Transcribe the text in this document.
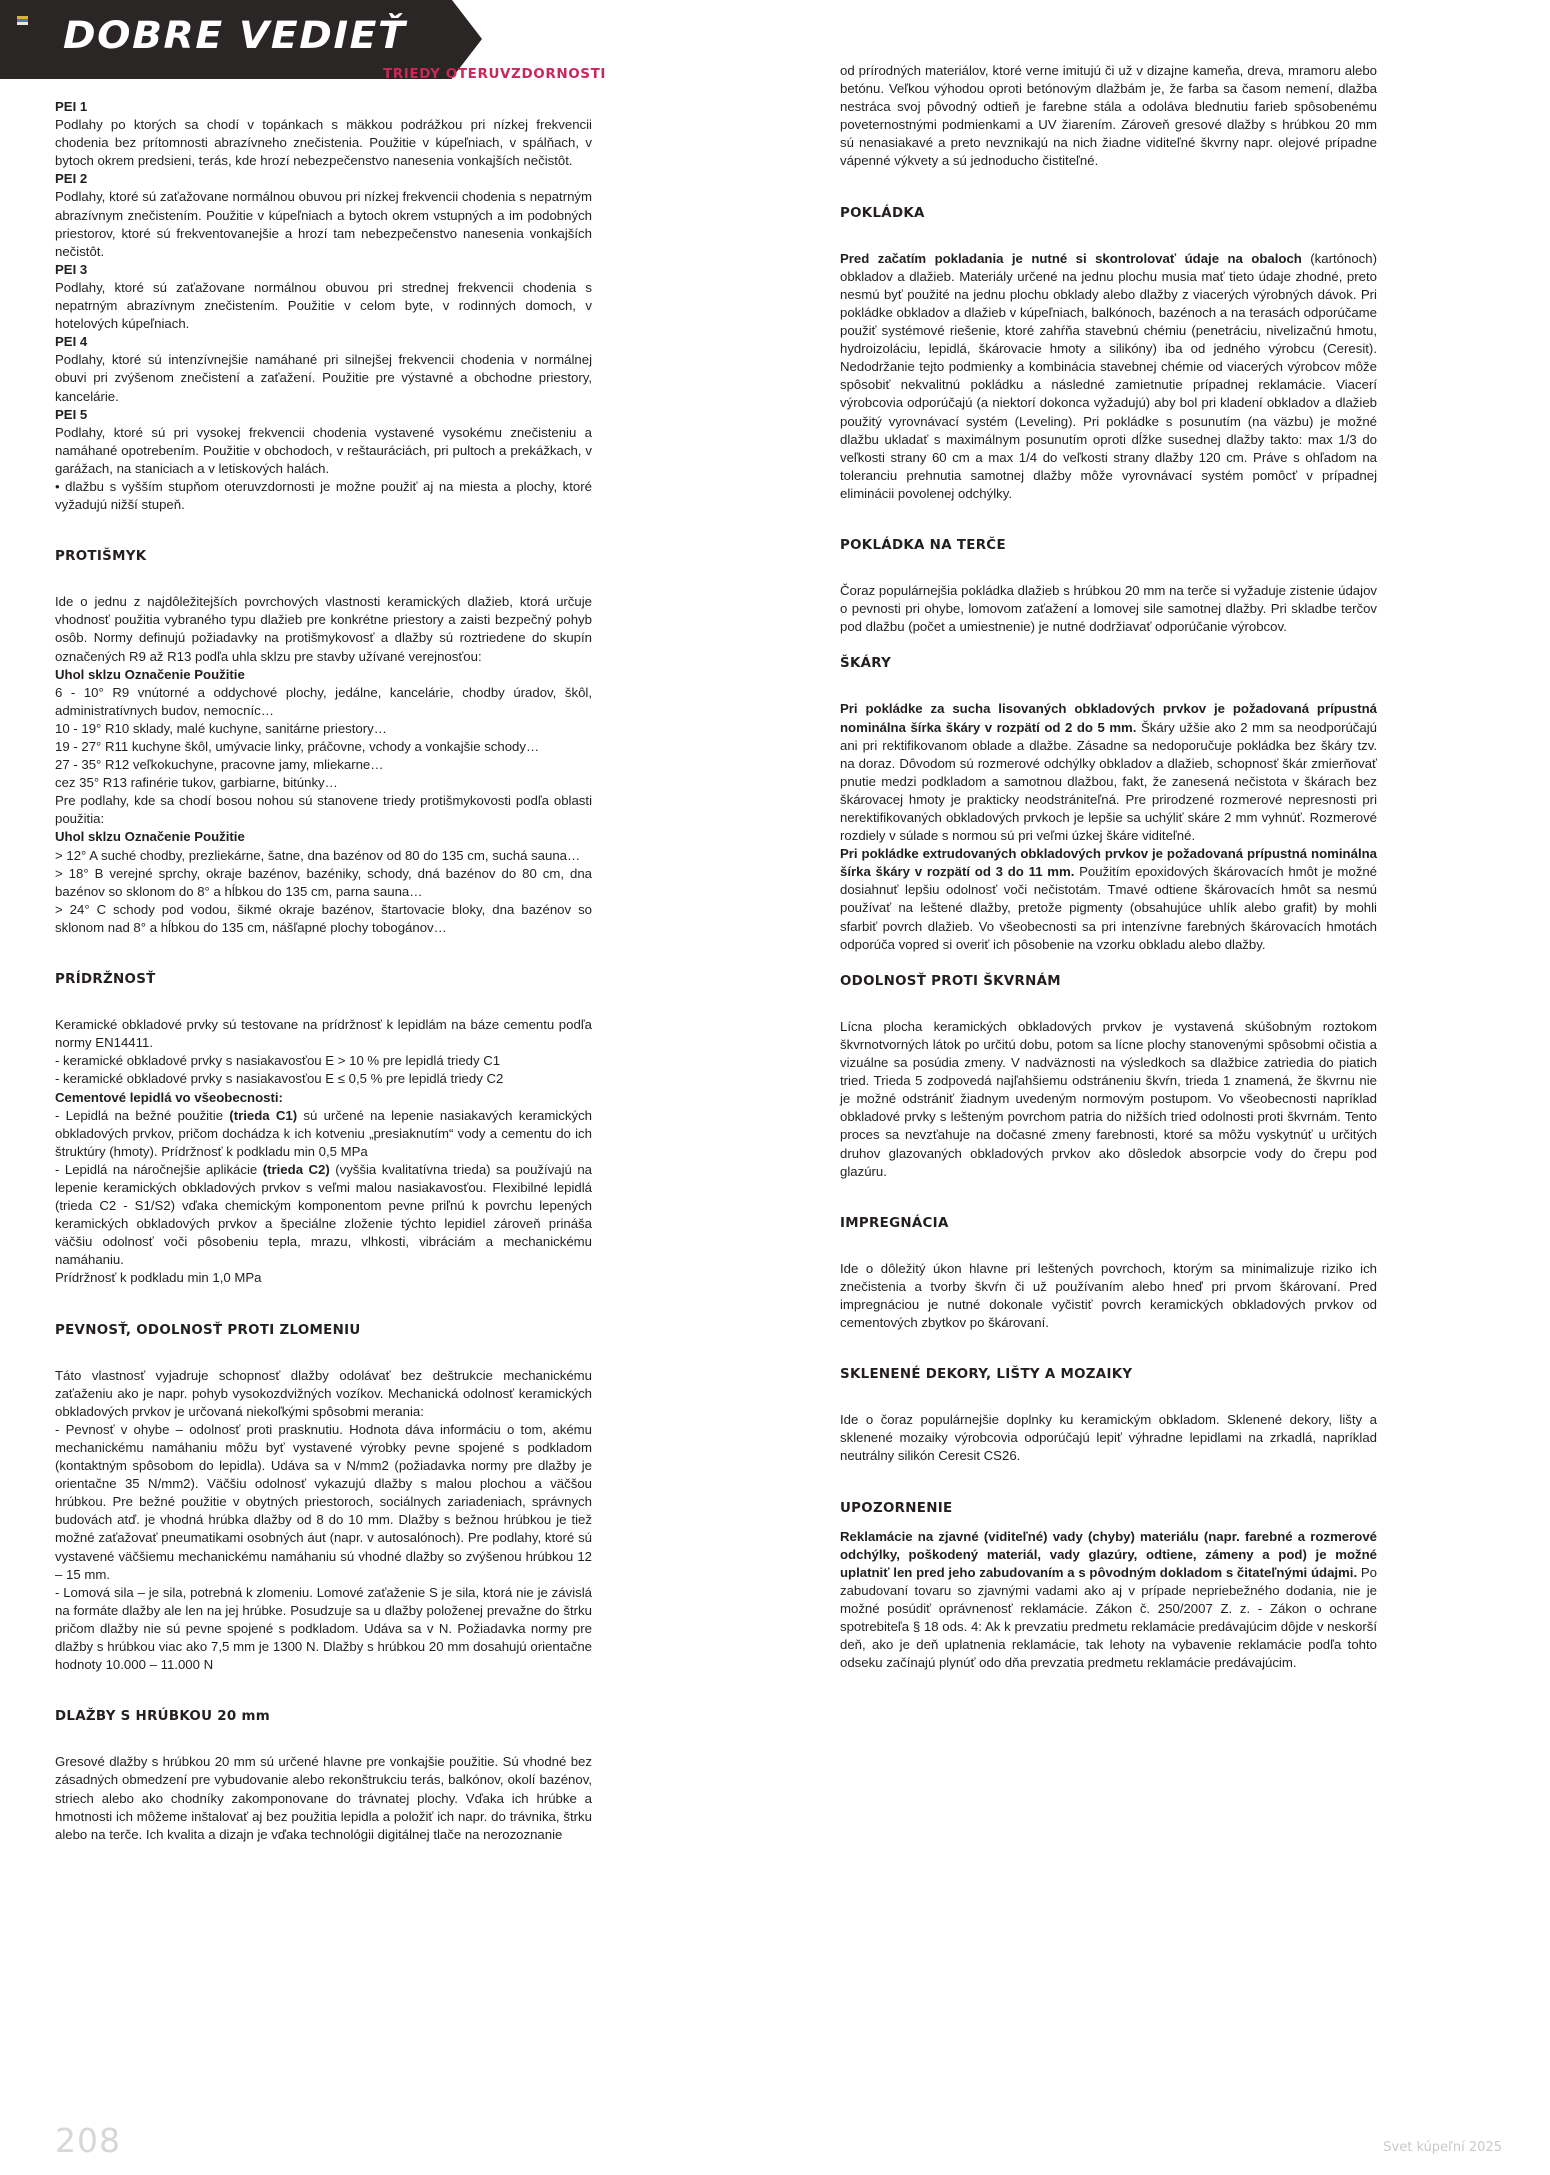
DOBRE VEDIEŤ
TRIEDY OTERUVZDORNOSTI

PEI 1

Podlahy po ktorých sa chodí v topánkach s mäkkou podrážkou pri nízkej frekvencii chodenia bez prítomnosti abrazívneho znečistenia. Použitie v kúpeľniach, v spálňach, v bytoch okrem predsieni, terás, kde hrozí nebezpečenstvo nanesenia vonkajších nečistôt.

PEI 2

Podlahy, ktoré sú zaťažovane normálnou obuvou pri nízkej frekvencii chodenia s nepatrným abrazívnym znečistením. Použitie v kúpeľniach a bytoch okrem vstupných a im podobných priestorov, ktoré sú frekventovanejšie a hrozí tam nebezpečenstvo nanesenia vonkajších nečistôt.

PEI 3

Podlahy, ktoré sú zaťažovane normálnou obuvou pri strednej frekvencii chodenia s nepatrným abrazívnym znečistením. Použitie v celom byte, v rodinných domoch, v hotelových kúpeľniach.

PEI 4

Podlahy, ktoré sú intenzívnejšie namáhané pri silnejšej frekvencii chodenia v normálnej obuvi pri zvýšenom znečistení a zaťažení. Použitie pre výstavné a obchodne priestory, kancelárie.

PEI 5

Podlahy, ktoré sú pri vysokej frekvencii chodenia vystavené vysokému znečisteniu a namáhané opotrebením. Použitie v obchodoch, v reštauráciách, pri pultoch a prekážkach, v garážach, na staniciach a v letiskových halách.

• dlažbu s vyšším stupňom oteruvzdornosti je možne použiť aj na miesta a plochy, ktoré vyžadujú nižší stupeň.

PROTIŠMYK

Ide o jednu z najdôležitejších povrchových vlastnosti keramických dlažieb, ktorá určuje vhodnosť použitia vybraného typu dlažieb pre konkrétne priestory a zaisti bezpečný pohyb osôb. Normy definujú požiadavky na protišmykovosť a dlažby sú roztriedene do skupín označených R9 až R13 podľa uhla sklzu pre stavby užívané verejnosťou:

Uhol sklzu Označenie Použitie

6 - 10° R9 vnútorné a oddychové plochy, jedálne, kancelárie, chodby úradov, škôl, administratívnych budov, nemocníc…

10 - 19° R10 sklady, malé kuchyne, sanitárne priestory…

19 - 27° R11 kuchyne škôl, umývacie linky, práčovne, vchody a vonkajšie schody…

27 - 35° R12 veľkokuchyne, pracovne jamy, mliekarne…

cez 35° R13 rafinérie tukov, garbiarne, bitúnky…

Pre podlahy, kde sa chodí bosou nohou sú stanovene triedy protišmykovosti podľa oblasti použitia:

Uhol sklzu Označenie Použitie

> 12° A suché chodby, prezliekárne, šatne, dna bazénov od 80 do 135 cm, suchá sauna…

> 18° B verejné sprchy, okraje bazénov, bazéniky, schody, dná bazénov do 80 cm, dna bazénov so sklonom do 8° a hĺbkou do 135 cm, parna sauna…

> 24° C schody pod vodou, šikmé okraje bazénov, štartovacie bloky, dna bazénov so sklonom nad 8° a hĺbkou do 135 cm, nášľapné plochy tobogánov…

PRÍDRŽNOSŤ

Keramické obkladové prvky sú testovane na prídržnosť k lepidlám na báze cementu podľa normy EN14411.

- keramické obkladové prvky s nasiakavosťou E > 10 % pre lepidlá triedy C1

- keramické obkladové prvky s nasiakavosťou E ≤ 0,5 % pre lepidlá triedy C2

Cementové lepidlá vo všeobecnosti:

- Lepidlá na bežné použitie (trieda C1) sú určené na lepenie nasiakavých keramických obkladových prvkov, pričom dochádza k ich kotveniu „presiaknutím“ vody a cementu do ich štruktúry (hmoty). Prídržnosť k podkladu min 0,5 MPa

- Lepidlá na náročnejšie aplikácie (trieda C2) (vyššia kvalitatívna trieda) sa používajú na lepenie keramických obkladových prvkov s veľmi malou nasiakavosťou. Flexibilné lepidlá (trieda C2 - S1/S2) vďaka chemickým komponentom pevne priľnú k povrchu lepených keramických obkladových prvkov a špeciálne zloženie týchto lepidiel zároveň prináša väčšiu odolnosť voči pôsobeniu tepla, mrazu, vlhkosti, vibráciám a mechanickému namáhaniu.

Prídržnosť k podkladu min 1,0 MPa

PEVNOSŤ, ODOLNOSŤ PROTI ZLOMENIU

Táto vlastnosť vyjadruje schopnosť dlažby odolávať bez deštrukcie mechanickému zaťaženiu ako je napr. pohyb vysokozdvižných vozíkov. Mechanická odolnosť keramických obkladových prvkov je určovaná niekoľkými spôsobmi merania:

- Pevnosť v ohybe – odolnosť proti prasknutiu. Hodnota dáva informáciu o tom, akému mechanickému namáhaniu môžu byť vystavené výrobky pevne spojené s podkladom (kontaktným spôsobom do lepidla). Udáva sa v N/mm2 (požiadavka normy pre dlažby je orientačne 35 N/mm2). Väčšiu odolnosť vykazujú dlažby s malou plochou a väčšou hrúbkou. Pre bežné použitie v obytných priestoroch, sociálnych zariadeniach, správnych budovách atď. je vhodná hrúbka dlažby od 8 do 10 mm. Dlažby s bežnou hrúbkou je tiež možné zaťažovať pneumatikami osobných áut (napr. v autosalónoch). Pre podlahy, ktoré sú vystavené väčšiemu mechanickému namáhaniu sú vhodné dlažby so zvýšenou hrúbkou 12 – 15 mm.

- Lomová sila – je sila, potrebná k zlomeniu. Lomové zaťaženie S je sila, ktorá nie je závislá na formáte dlažby ale len na jej hrúbke. Posudzuje sa u dlažby položenej prevažne do štrku pričom dlažby nie sú pevne spojené s podkladom. Udáva sa v N. Požiadavka normy pre dlažby s hrúbkou viac ako 7,5 mm je 1300 N. Dlažby s hrúbkou 20 mm dosahujú orientačne hodnoty 10.000 – 11.000 N

DLAŽBY S HRÚBKOU 20 mm

Gresové dlažby s hrúbkou 20 mm sú určené hlavne pre vonkajšie použitie. Sú vhodné bez zásadných obmedzení pre vybudovanie alebo rekonštrukciu terás, balkónov, okolí bazénov, striech alebo ako chodníky zakomponovane do trávnatej plochy. Vďaka ich hrúbke a hmotnosti ich môžeme inštalovať aj bez použitia lepidla a položiť ich napr. do trávnika, štrku alebo na terče. Ich kvalita a dizajn je vďaka technológii digitálnej tlače na nerozoznanie

od prírodných materiálov, ktoré verne imitujú či už v dizajne kameňa, dreva, mramoru alebo betónu. Veľkou výhodou oproti betónovým dlažbám je, že farba sa časom nemení, dlažba nestráca svoj pôvodný odtieň je farebne stála a odoláva blednutiu farieb spôsobenému poveternostnými podmienkami a UV žiarením. Zároveň gresové dlažby s hrúbkou 20 mm sú nenasiakavé a preto nevznikajú na nich žiadne viditeľné škvrny napr. olejové prípadne vápenné výkvety a sú jednoducho čistiteľné.

POKLÁDKA

Pred začatím pokladania je nutné si skontrolovať údaje na obaloch (kartónoch) obkladov a dlažieb. Materiály určené na jednu plochu musia mať tieto údaje zhodné, preto nesmú byť použité na jednu plochu obklady alebo dlažby z viacerých výrobných dávok. Pri pokládke obkladov a dlažieb v kúpeľniach, balkónoch, bazénoch a na terasách odporúčame použiť systémové riešenie, ktoré zahŕňa stavebnú chémiu (penetráciu, nivelizačnú hmotu, hydroizoláciu, lepidlá, škárovacie hmoty a silikóny) iba od jedného výrobcu (Ceresit). Nedodržanie tejto podmienky a kombinácia stavebnej chémie od viacerých výrobcov môže spôsobiť nekvalitnú pokládku a následné zamietnutie prípadnej reklamácie. Viacerí výrobcovia odporúčajú (a niektorí dokonca vyžadujú) aby bol pri kladení obkladov a dlažieb použitý vyrovnávací systém (Leveling). Pri pokládke s posunutím (na väzbu) je možné dlažbu ukladať s maximálnym posunutím oproti dĺžke susednej dlažby takto: max 1/3 do veľkosti strany 60 cm a max 1/4 do veľkosti strany dlažby 120 cm. Práve s ohľadom na toleranciu prehnutia samotnej dlažby môže vyrovnávací systém pomôcť v prípadnej eliminácii povolenej odchýlky.

POKLÁDKA NA TERČE

Čoraz populárnejšia pokládka dlažieb s hrúbkou 20 mm na terče si vyžaduje zistenie údajov o pevnosti pri ohybe, lomovom zaťažení a lomovej sile samotnej dlažby. Pri skladbe terčov pod dlažbu (počet a umiestnenie) je nutné dodržiavať odporúčanie výrobcov.

ŠKÁRY

Pri pokládke za sucha lisovaných obkladových prvkov je požadovaná prípustná nominálna šírka škáry v rozpätí od 2 do 5 mm. Škáry užšie ako 2 mm sa neodporúčajú ani pri rektifikovanom oblade a dlažbe. Zásadne sa nedoporučuje pokládka bez škáry tzv. na doraz. Dôvodom sú rozmerové odchýlky obkladov a dlažieb, schopnosť škár zmierňovať pnutie medzi podkladom a samotnou dlažbou, fakt, že zanesená nečistota v škárach bez škárovacej hmoty je prakticky neodstrániteľná. Pre prirodzené rozmerové nepresnosti pri nerektifikovaných obkladových prvkoch je lepšie sa uchýliť skáre 2 mm vyhnúť. Rozmerové rozdiely v súlade s normou sú pri veľmi úzkej škáre viditeľné.

Pri pokládke extrudovaných obkladových prvkov je požadovaná prípustná nominálna šírka škáry v rozpätí od 3 do 11 mm. Použitím epoxidových škárovacích hmôt je možné dosiahnuť lepšiu odolnosť voči nečistotám. Tmavé odtiene škárovacích hmôt sa nesmú používať na leštené dlažby, pretože pigmenty (obsahujúce uhlík alebo grafit) by mohli sfarbiť povrch dlažieb. Vo všeobecnosti sa pri intenzívne farebných škárovacích hmotách odporúča vopred si overiť ich pôsobenie na vzorku obkladu alebo dlažby.

ODOLNOSŤ PROTI ŠKVRNÁM

Lícna plocha keramických obkladových prvkov je vystavená skúšobným roztokom škvrnotvorných látok po určitú dobu, potom sa lícne plochy stanovenými spôsobmi očistia a vizuálne sa posúdia zmeny. V nadväznosti na výsledkoch sa dlažbice zatriedia do piatich tried. Trieda 5 zodpovedá najľahšiemu odstráneniu škvŕn, trieda 1 znamená, že škvrnu nie je možné odstrániť žiadnym uvedeným normovým postupom. Vo všeobecnosti napríklad obkladové prvky s lešteným povrchom patria do nižších tried odolnosti proti škvrnám. Tento proces sa nevzťahuje na dočasné zmeny farebnosti, ktoré sa môžu vyskytnúť u určitých druhov glazovaných obkladových prvkov ako dôsledok absorpcie vody do črepu pod glazúru.

IMPREGNÁCIA

Ide o dôležitý úkon hlavne pri leštených povrchoch, ktorým sa minimalizuje riziko ich znečistenia a tvorby škvŕn či už používaním alebo hneď pri prvom škárovaní. Pred impregnáciou je nutné dokonale vyčistiť povrch keramických obkladových prvkov od cementových zbytkov po škárovaní.

SKLENENÉ DEKORY, LIŠTY A MOZAIKY

Ide o čoraz populárnejšie doplnky ku keramickým obkladom. Sklenené dekory, lišty a sklenené mozaiky výrobcovia odporúčajú lepiť výhradne lepidlami na zrkadlá, napríklad neutrálny silikón Ceresit CS26.

UPOZORNENIE

Reklamácie na zjavné (viditeľné) vady (chyby) materiálu (napr. farebné a rozmerové odchýlky, poškodený materiál, vady glazúry, odtiene, zámeny a pod) je možné uplatniť len pred jeho zabudovaním a s pôvodným dokladom s čitateľnými údajmi. Po zabudovaní tovaru so zjavnými vadami ako aj v prípade nepriebežného dodania, nie je možné posúdiť oprávnenosť reklamácie. Zákon č. 250/2007 Z. z. - Zákon o ochrane spotrebiteľa § 18 ods. 4: Ak k prevzatiu predmetu reklamácie predávajúcim dôjde v neskorší deň, ako je deň uplatnenia reklamácie, tak lehoty na vybavenie reklamácie podľa tohto odseku začínajú plynúť odo dňa prevzatia predmetu reklamácie predávajúcim.

208	Svet kúpeľní 2025
